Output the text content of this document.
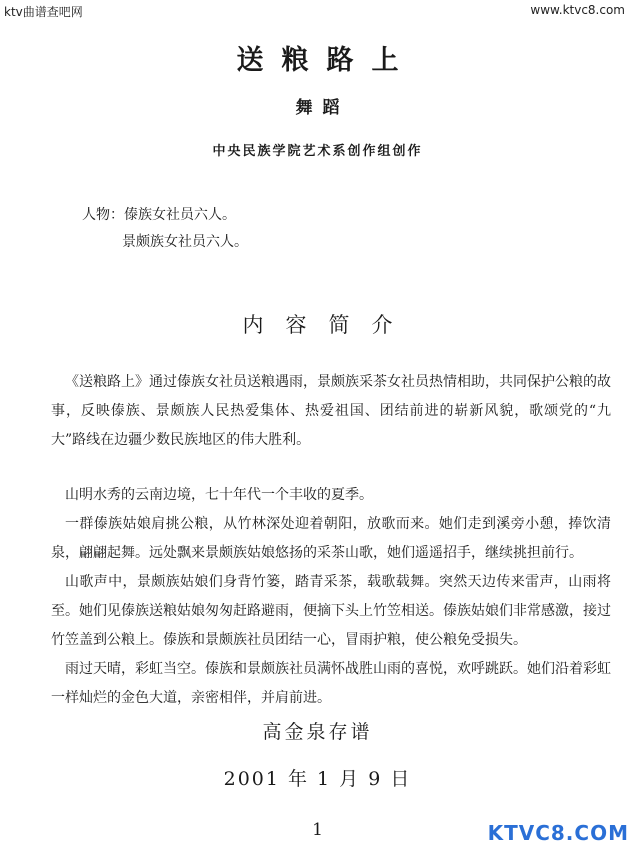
ktv曲谱查吧网	www.ktvc8.com
送粮路上
舞蹈
中央民族学院艺术系创作组创作
人物：傣族女社员六人。
景颇族女社员六人。
内容简介

《送粮路上》通过傣族女社员送粮遇雨，景颇族采茶女社员热情相助，共同保护公粮的故事，反映傣族、景颇族人民热爱集体、热爱祖国、团结前进的崭新风貌，歌颂党的“九大”路线在边疆少数民族地区的伟大胜利。

山明水秀的云南边境，七十年代一个丰收的夏季。

一群傣族姑娘肩挑公粮，从竹林深处迎着朝阳，放歌而来。她们走到溪旁小憩，捧饮清泉，翩翩起舞。远处飘来景颇族姑娘悠扬的采茶山歌，她们遥遥招手，继续挑担前行。

山歌声中，景颇族姑娘们身背竹篓，踏青采茶，载歌载舞。突然天边传来雷声，山雨将至。她们见傣族送粮姑娘匆匆赶路避雨，便摘下头上竹笠相送。傣族姑娘们非常感激，接过竹笠盖到公粮上。傣族和景颇族社员团结一心，冒雨护粮，使公粮免受损失。

雨过天晴，彩虹当空。傣族和景颇族社员满怀战胜山雨的喜悦，欢呼跳跃。她们沿着彩虹一样灿烂的金色大道，亲密相伴，并肩前进。

高金泉存谱
2001 年 1 月 9 日
1	KTVC8.COM
